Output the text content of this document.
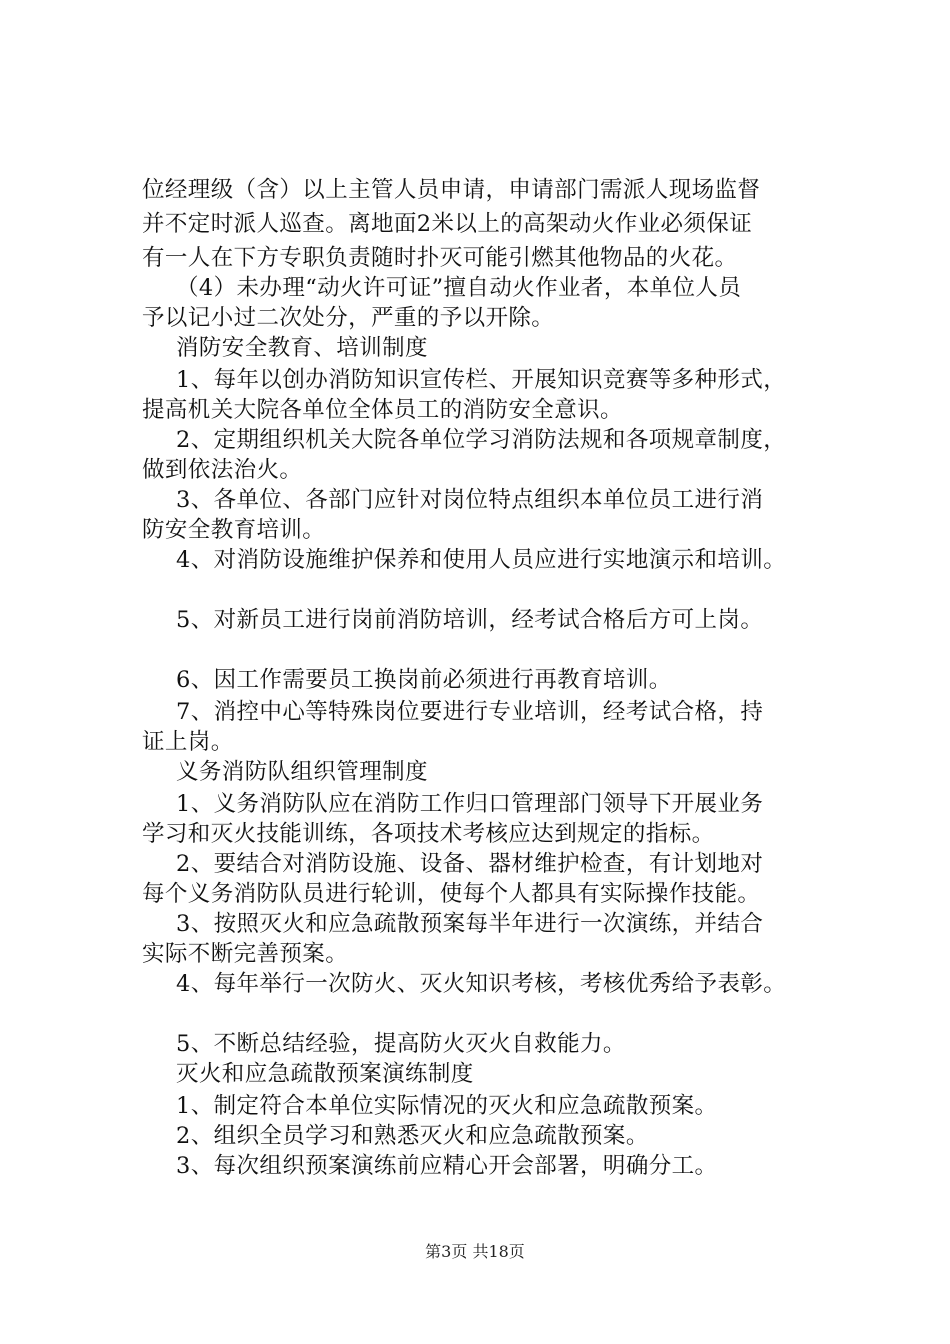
位经理级（含）以上主管人员申请，申请部门需派人现场监督
并不定时派人巡查。离地面2米以上的高架动火作业必须保证
有一人在下方专职负责随时扑灭可能引燃其他物品的火花。
（4）未办理“动火许可证”擅自动火作业者，本单位人员
予以记小过二次处分，严重的予以开除。
消防安全教育、培训制度
1、每年以创办消防知识宣传栏、开展知识竞赛等多种形式，
提高机关大院各单位全体员工的消防安全意识。
2、定期组织机关大院各单位学习消防法规和各项规章制度，
做到依法治火。
3、各单位、各部门应针对岗位特点组织本单位员工进行消
防安全教育培训。
4、对消防设施维护保养和使用人员应进行实地演示和培训。
5、对新员工进行岗前消防培训，经考试合格后方可上岗。
6、因工作需要员工换岗前必须进行再教育培训。
7、消控中心等特殊岗位要进行专业培训，经考试合格，持
证上岗。
义务消防队组织管理制度
1、义务消防队应在消防工作归口管理部门领导下开展业务
学习和灭火技能训练，各项技术考核应达到规定的指标。
2、要结合对消防设施、设备、器材维护检查，有计划地对
每个义务消防队员进行轮训，使每个人都具有实际操作技能。
3、按照灭火和应急疏散预案每半年进行一次演练，并结合
实际不断完善预案。
4、每年举行一次防火、灭火知识考核，考核优秀给予表彰。
5、不断总结经验，提高防火灭火自救能力。
灭火和应急疏散预案演练制度
1、制定符合本单位实际情况的灭火和应急疏散预案。
2、组织全员学习和熟悉灭火和应急疏散预案。
3、每次组织预案演练前应精心开会部署，明确分工。
第3页 共18页
